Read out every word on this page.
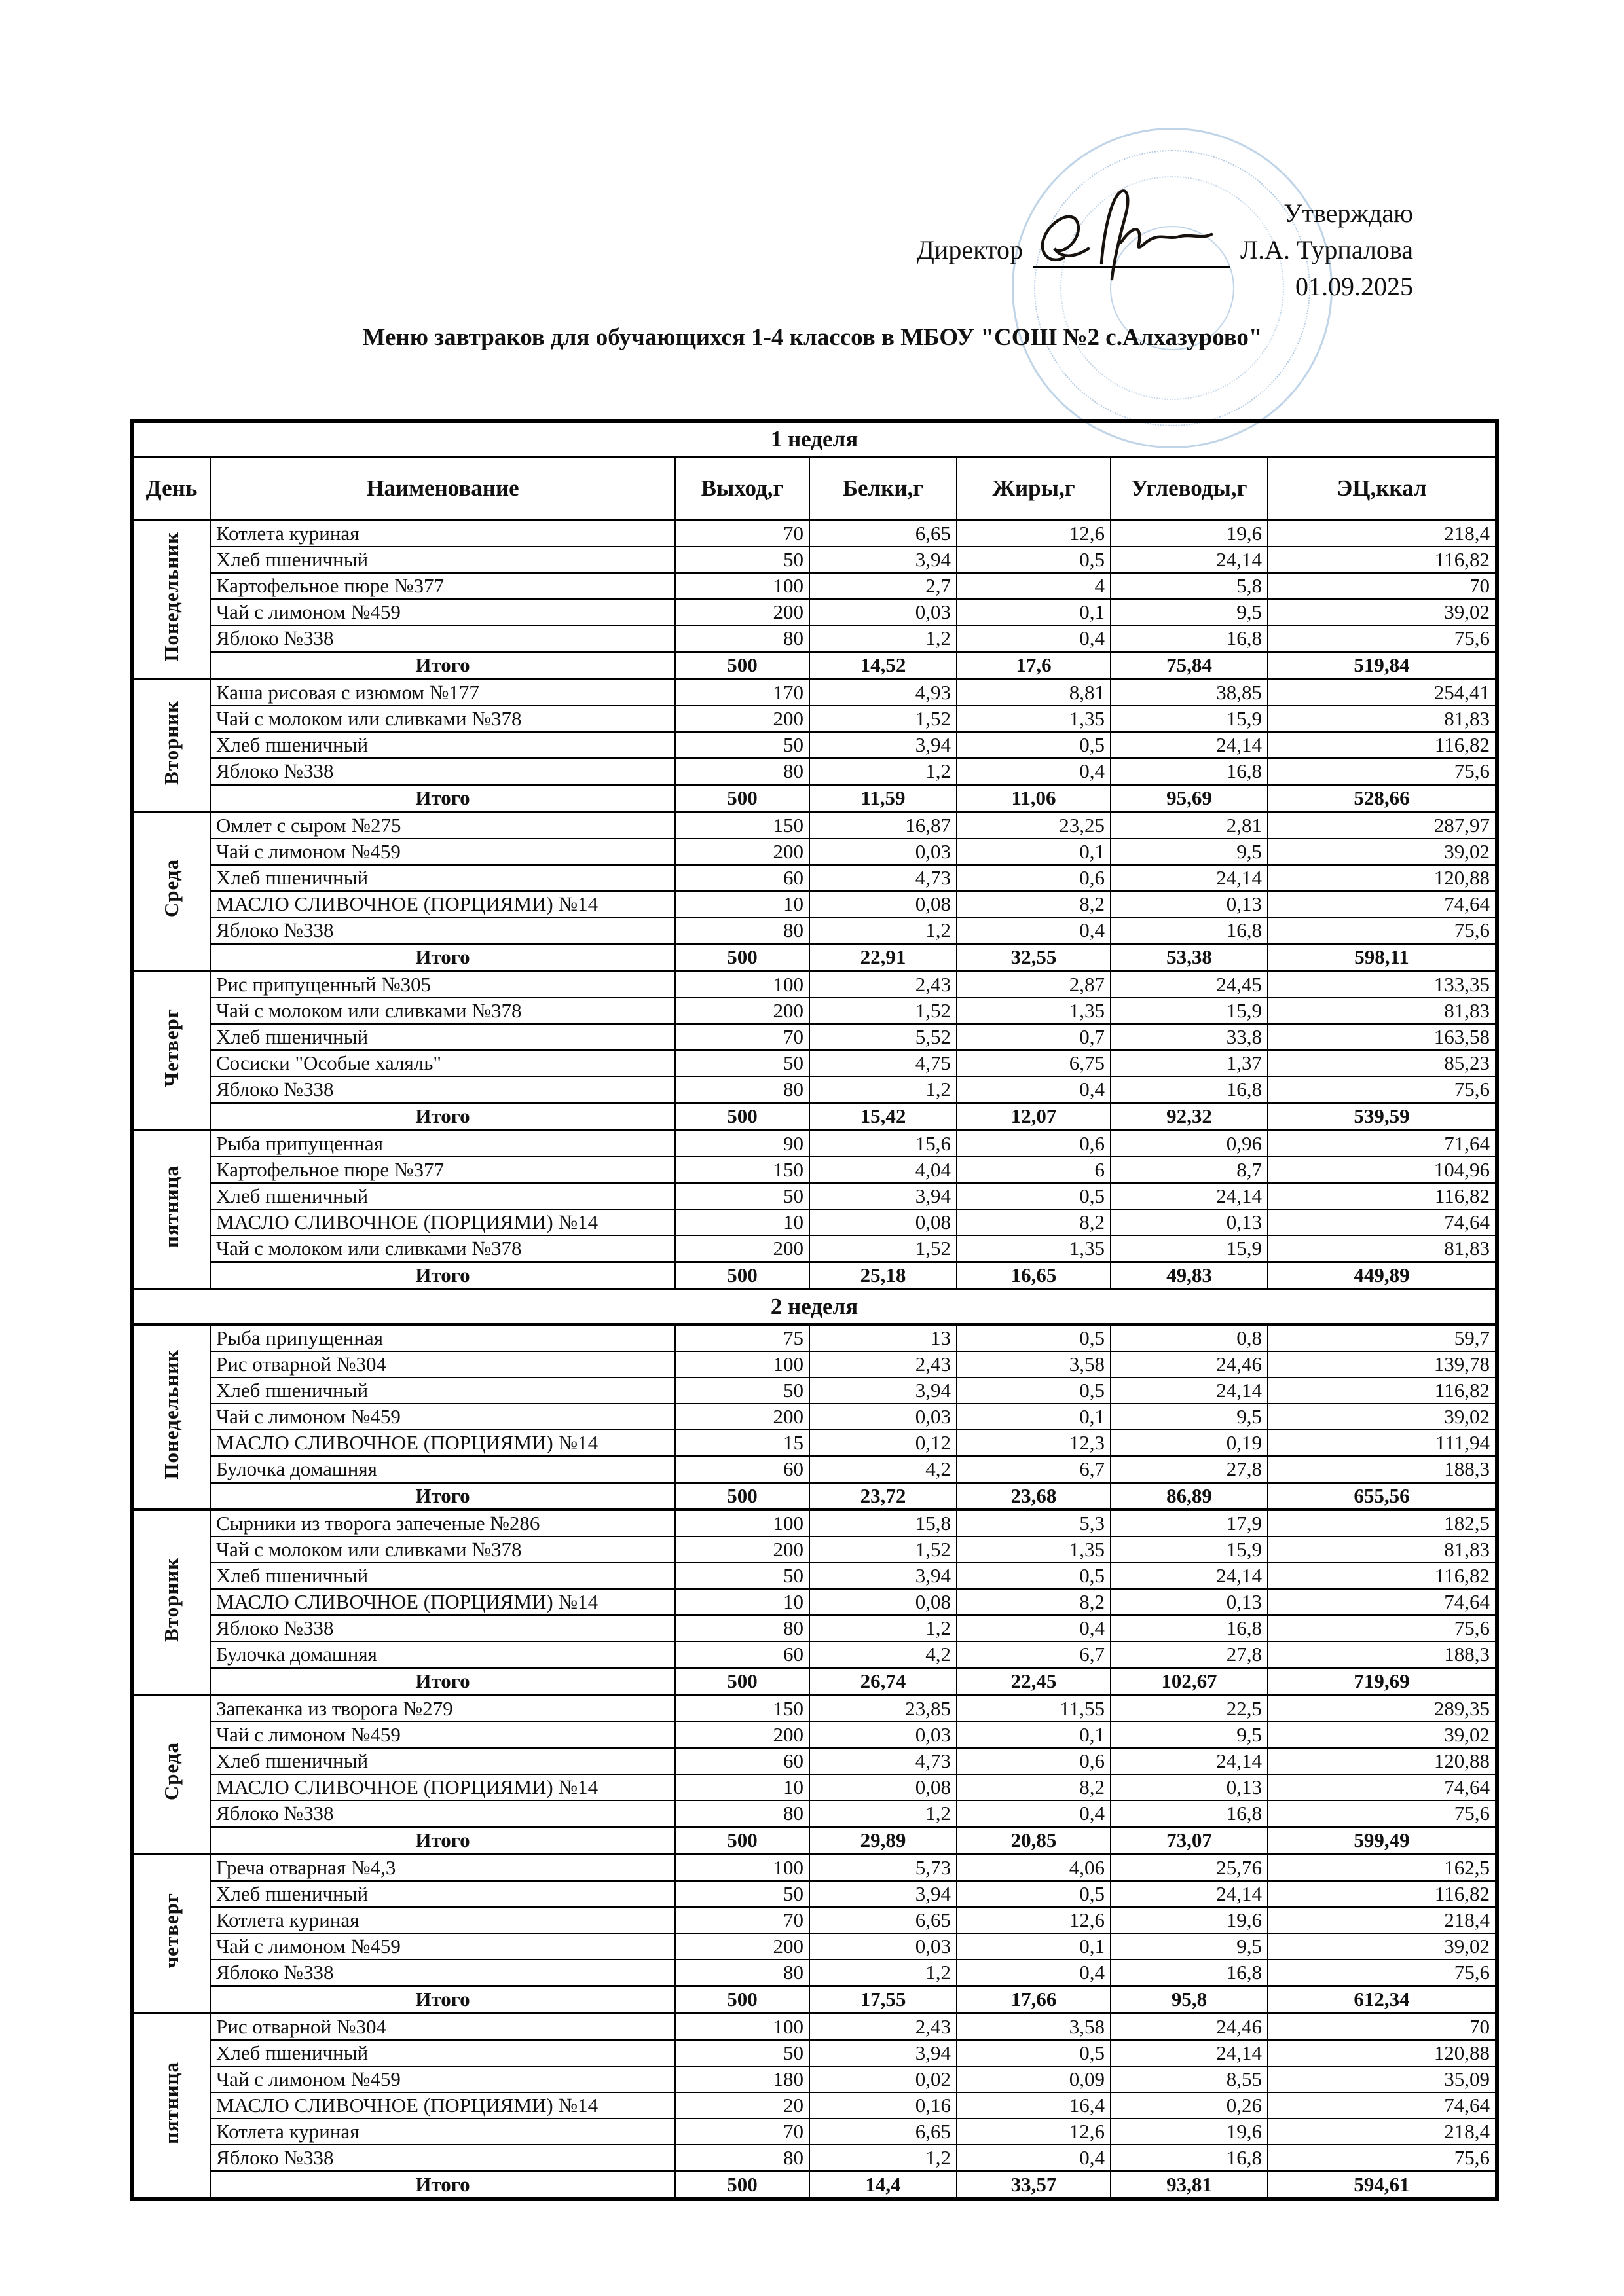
Утверждаю
Директор	Л.А. Турпалова
01.09.2025
Меню завтраков для обучающихся 1-4 классов в МБОУ "СОШ №2 с.Алхазурово"
1 неделя						
День	Наименование	Выход,г	Белки,г	Жиры,г	Углеводы,г	ЭЦ,ккал
Понедельник	Котлета куриная	70	6,65	12,6	19,6	218,4
	Хлеб пшеничный	50	3,94	0,5	24,14	116,82
	Картофельное пюре №377	100	2,7	4	5,8	70
	Чай с лимоном №459	200	0,03	0,1	9,5	39,02
	Яблоко №338	80	1,2	0,4	16,8	75,6
	Итого	500	14,52	17,6	75,84	519,84
Вторник	Каша рисовая с изюмом №177	170	4,93	8,81	38,85	254,41
	Чай с молоком или сливками №378	200	1,52	1,35	15,9	81,83
	Хлеб пшеничный	50	3,94	0,5	24,14	116,82
	Яблоко №338	80	1,2	0,4	16,8	75,6
	Итого	500	11,59	11,06	95,69	528,66
Среда	Омлет с сыром №275	150	16,87	23,25	2,81	287,97
	Чай с лимоном №459	200	0,03	0,1	9,5	39,02
	Хлеб пшеничный	60	4,73	0,6	24,14	120,88
	МАСЛО СЛИВОЧНОЕ (ПОРЦИЯМИ) №14	10	0,08	8,2	0,13	74,64
	Яблоко №338	80	1,2	0,4	16,8	75,6
	Итого	500	22,91	32,55	53,38	598,11
Четверг	Рис припущенный №305	100	2,43	2,87	24,45	133,35
	Чай с молоком или сливками №378	200	1,52	1,35	15,9	81,83
	Хлеб пшеничный	70	5,52	0,7	33,8	163,58
	Сосиски "Особые халяль"	50	4,75	6,75	1,37	85,23
	Яблоко №338	80	1,2	0,4	16,8	75,6
	Итого	500	15,42	12,07	92,32	539,59
пятница	Рыба припущенная	90	15,6	0,6	0,96	71,64
	Картофельное пюре №377	150	4,04	6	8,7	104,96
	Хлеб пшеничный	50	3,94	0,5	24,14	116,82
	МАСЛО СЛИВОЧНОЕ (ПОРЦИЯМИ) №14	10	0,08	8,2	0,13	74,64
	Чай с молоком или сливками №378	200	1,52	1,35	15,9	81,83
	Итого	500	25,18	16,65	49,83	449,89
2 неделя						
Понедельник	Рыба припущенная	75	13	0,5	0,8	59,7
	Рис отварной №304	100	2,43	3,58	24,46	139,78
	Хлеб пшеничный	50	3,94	0,5	24,14	116,82
	Чай с лимоном №459	200	0,03	0,1	9,5	39,02
	МАСЛО СЛИВОЧНОЕ (ПОРЦИЯМИ) №14	15	0,12	12,3	0,19	111,94
	Булочка домашняя	60	4,2	6,7	27,8	188,3
	Итого	500	23,72	23,68	86,89	655,56
Вторник	Сырники из творога запеченые №286	100	15,8	5,3	17,9	182,5
	Чай с молоком или сливками №378	200	1,52	1,35	15,9	81,83
	Хлеб пшеничный	50	3,94	0,5	24,14	116,82
	МАСЛО СЛИВОЧНОЕ (ПОРЦИЯМИ) №14	10	0,08	8,2	0,13	74,64
	Яблоко №338	80	1,2	0,4	16,8	75,6
	Булочка домашняя	60	4,2	6,7	27,8	188,3
	Итого	500	26,74	22,45	102,67	719,69
Среда	Запеканка из творога №279	150	23,85	11,55	22,5	289,35
	Чай с лимоном №459	200	0,03	0,1	9,5	39,02
	Хлеб пшеничный	60	4,73	0,6	24,14	120,88
	МАСЛО СЛИВОЧНОЕ (ПОРЦИЯМИ) №14	10	0,08	8,2	0,13	74,64
	Яблоко №338	80	1,2	0,4	16,8	75,6
	Итого	500	29,89	20,85	73,07	599,49
четверг	Греча отварная №4,3	100	5,73	4,06	25,76	162,5
	Хлеб пшеничный	50	3,94	0,5	24,14	116,82
	Котлета куриная	70	6,65	12,6	19,6	218,4
	Чай с лимоном №459	200	0,03	0,1	9,5	39,02
	Яблоко №338	80	1,2	0,4	16,8	75,6
	Итого	500	17,55	17,66	95,8	612,34
пятница	Рис отварной №304	100	2,43	3,58	24,46	70
	Хлеб пшеничный	50	3,94	0,5	24,14	120,88
	Чай с лимоном №459	180	0,02	0,09	8,55	35,09
	МАСЛО СЛИВОЧНОЕ (ПОРЦИЯМИ) №14	20	0,16	16,4	0,26	74,64
	Котлета куриная	70	6,65	12,6	19,6	218,4
	Яблоко №338	80	1,2	0,4	16,8	75,6
	Итого	500	14,4	33,57	93,81	594,61
